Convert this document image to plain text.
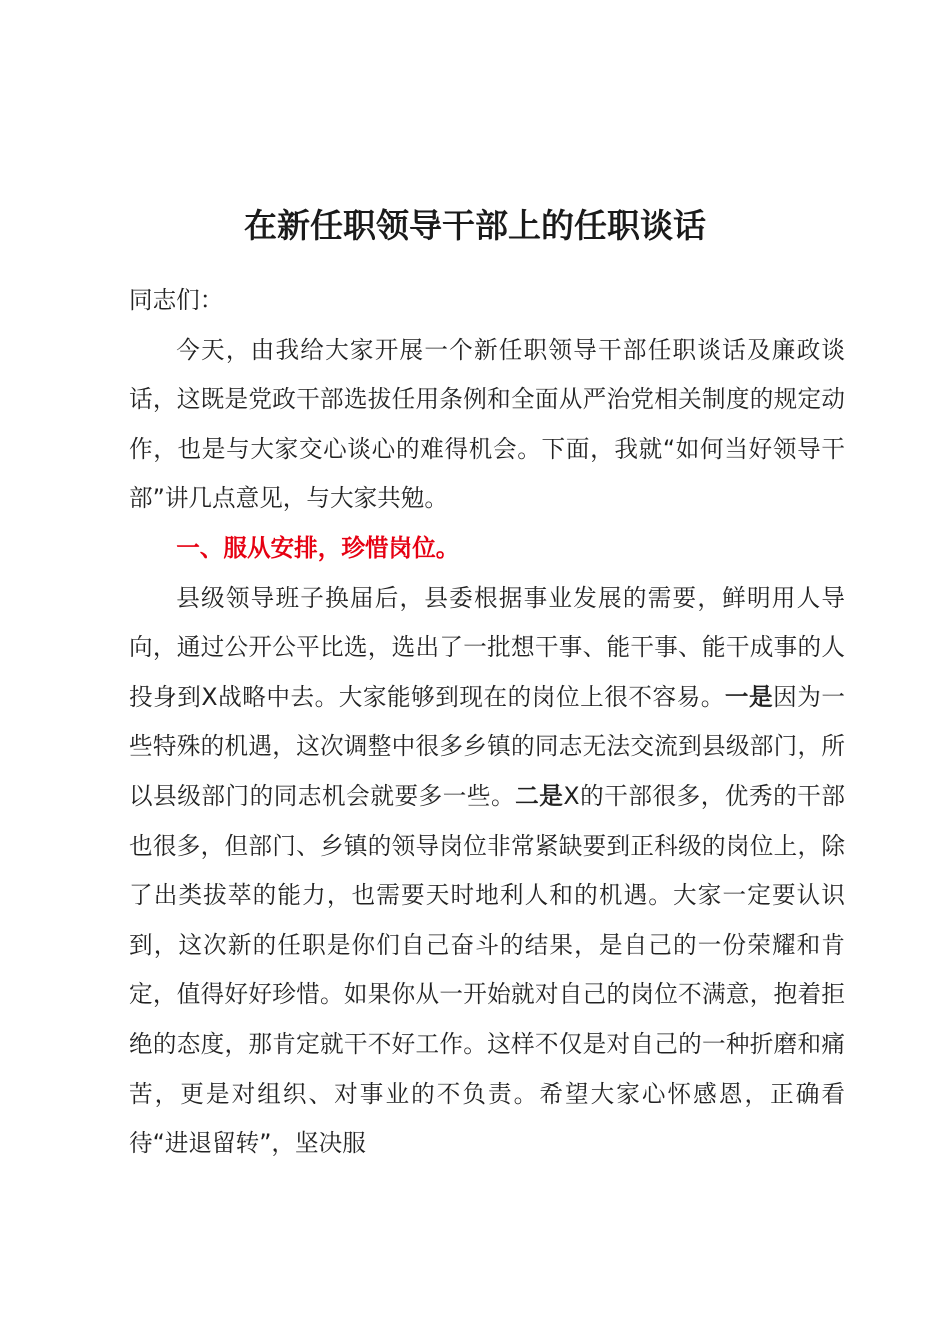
在新任职领导干部上的任职谈话

同志们：

今天，由我给大家开展一个新任职领导干部任职谈话及廉政谈话，这既是党政干部选拔任用条例和全面从严治党相关制度的规定动作，也是与大家交心谈心的难得机会。下面，我就“如何当好领导干部”讲几点意见，与大家共勉。

一、服从安排，珍惜岗位。

县级领导班子换届后，县委根据事业发展的需要，鲜明用人导向，通过公开公平比选，选出了一批想干事、能干事、能干成事的人投身到X战略中去。大家能够到现在的岗位上很不容易。一是因为一些特殊的机遇，这次调整中很多乡镇的同志无法交流到县级部门，所以县级部门的同志机会就要多一些。二是X的干部很多，优秀的干部也很多，但部门、乡镇的领导岗位非常紧缺要到正科级的岗位上，除了出类拔萃的能力，也需要天时地利人和的机遇。大家一定要认识到，这次新的任职是你们自己奋斗的结果，是自己的一份荣耀和肯定，值得好好珍惜。如果你从一开始就对自己的岗位不满意，抱着拒绝的态度，那肯定就干不好工作。这样不仅是对自己的一种折磨和痛苦，更是对组织、对事业的不负责。希望大家心怀感恩，正确看待“进退留转”，坚决服
